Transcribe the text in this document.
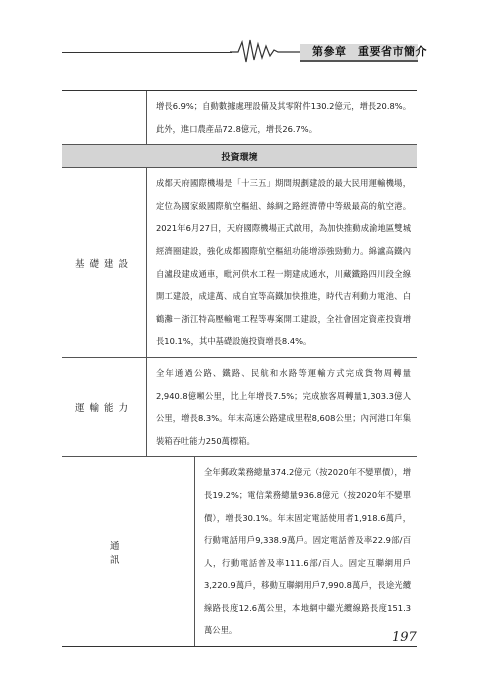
第參章　重要省市簡介
增長6.9%；自動數據處理設備及其零附件130.2億元，增長20.8%。此外，進口農產品72.8億元，增長26.7%。
投資環境
基礎建設
成都天府國際機場是「十三五」期間規劃建設的最大民用運輸機場，定位為國家級國際航空樞紐、絲綢之路經濟帶中等級最高的航空港。2021年6月27日，天府國際機場正式啟用，為加快推動成渝地區雙城經濟圈建設，強化成都國際航空樞紐功能增添強勁動力。綿瀘高鐵內自瀘段建成通車，毗河供水工程一期建成通水，川藏鐵路四川段全線開工建設，成達萬、成自宜等高鐵加快推進，時代吉利動力電池、白鶴灘－浙江特高壓輸電工程等專案開工建設，全社會固定資產投資增長10.1%，其中基礎設施投資增長8.4%。
運輸能力
全年通過公路、鐵路、民航和水路等運輸方式完成貨物周轉量2,940.8億噸公里，比上年增長7.5%；完成旅客周轉量1,303.3億人公里，增長8.3%。年末高速公路建成里程8,608公里；內河港口年集裝箱吞吐能力250萬標箱。
通訊
全年郵政業務總量374.2億元（按2020年不變單價），增長19.2%；電信業務總量936.8億元（按2020年不變單價），增長30.1%。年末固定電話使用者1,918.6萬戶，行動電話用戶9,338.9萬戶。固定電話普及率22.9部/百人，行動電話普及率111.6部/百人。固定互聯網用戶3,220.9萬戶，移動互聯網用戶7,990.8萬戶，長途光纜線路長度12.6萬公里，本地網中繼光纜線路長度151.3萬公里。	197
